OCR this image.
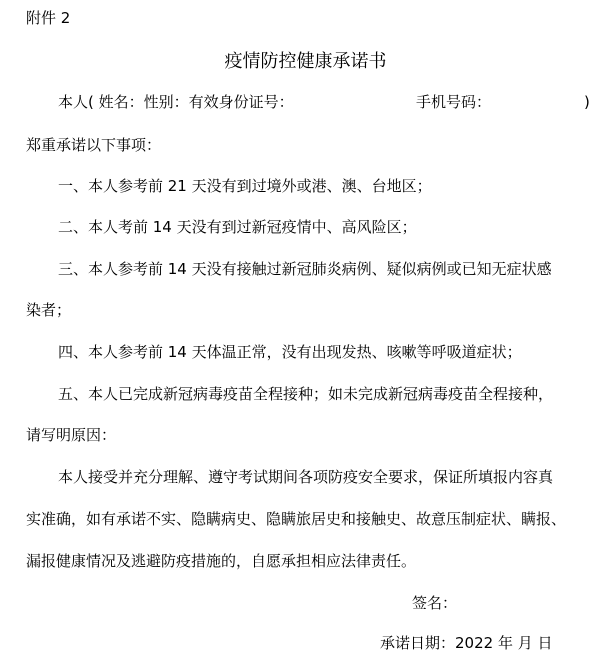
附件 2
疫情防控健康承诺书
本人( 姓名：性别：有效身份证号：	手机号码：	)
郑重承诺以下事项：
一、本人参考前 21 天没有到过境外或港、澳、台地区；
二、本人考前 14 天没有到过新冠疫情中、高风险区；
三、本人参考前 14 天没有接触过新冠肺炎病例、疑似病例或已知无症状感
染者；
四、本人参考前 14 天体温正常，没有出现发热、咳嗽等呼吸道症状；
五、本人已完成新冠病毒疫苗全程接种；如未完成新冠病毒疫苗全程接种，
请写明原因：
本人接受并充分理解、遵守考试期间各项防疫安全要求，保证所填报内容真
实准确，如有承诺不实、隐瞒病史、隐瞒旅居史和接触史、故意压制症状、瞒报、
漏报健康情况及逃避防疫措施的，自愿承担相应法律责任。
签名：
承诺日期：2022 年 月 日
